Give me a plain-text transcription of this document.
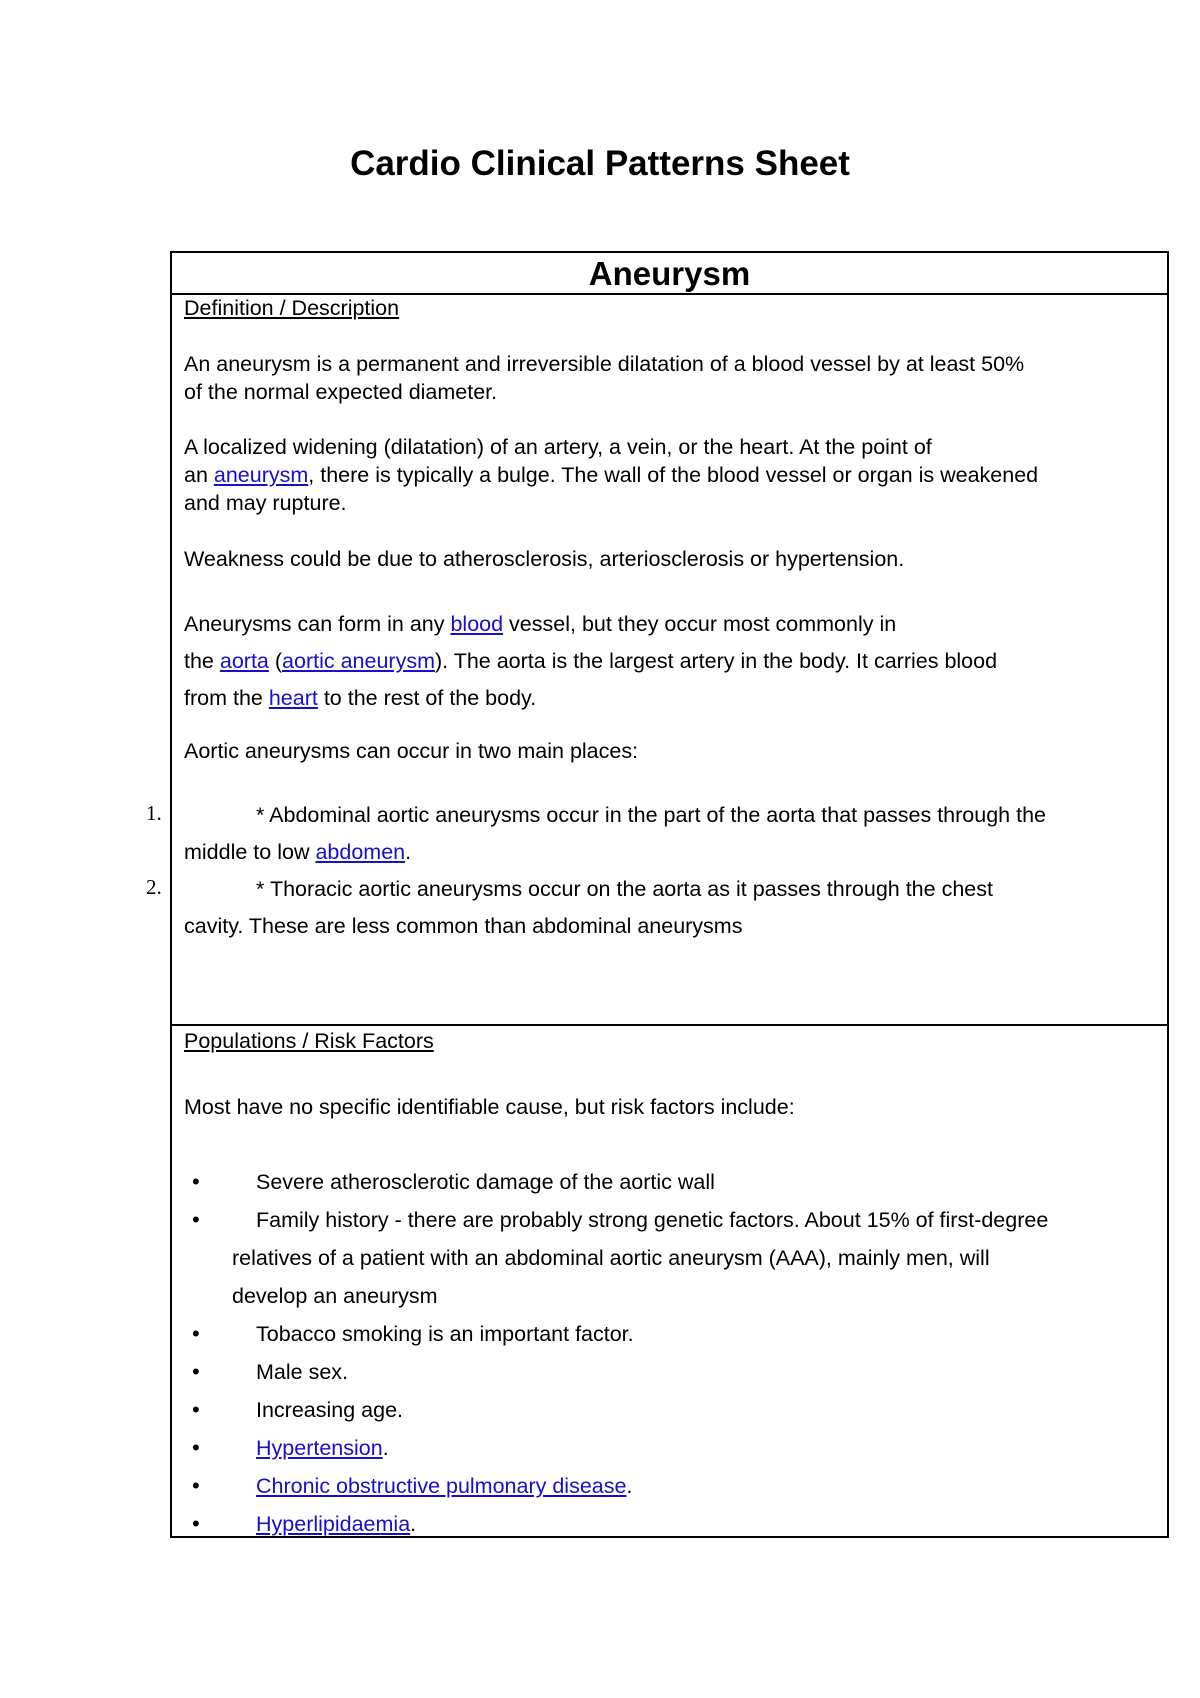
Cardio Clinical Patterns Sheet
1.
2.
Aneurysm
Definition / Description
An aneurysm is a permanent and irreversible dilatation of a blood vessel by at least 50%
of the normal expected diameter.
A localized widening (dilatation) of an artery, a vein, or the heart. At the point of
an aneurysm, there is typically a bulge. The wall of the blood vessel or organ is weakened
and may rupture.
Weakness could be due to atherosclerosis, arteriosclerosis or hypertension.
Aneurysms can form in any blood vessel, but they occur most commonly in
the aorta (aortic aneurysm). The aorta is the largest artery in the body. It carries blood
from the heart to the rest of the body.
Aortic aneurysms can occur in two main places:
* Abdominal aortic aneurysms occur in the part of the aorta that passes through the
middle to low abdomen.
* Thoracic aortic aneurysms occur on the aorta as it passes through the chest
cavity. These are less common than abdominal aneurysms
Populations / Risk Factors
Most have no specific identifiable cause, but risk factors include:
•	Severe atherosclerotic damage of the aortic wall
•	Family history - there are probably strong genetic factors. About 15% of first-degree
relatives of a patient with an abdominal aortic aneurysm (AAA), mainly men, will
develop an aneurysm
•	Tobacco smoking is an important factor.
•	Male sex.
•	Increasing age.
•	Hypertension.
•	Chronic obstructive pulmonary disease.
•	Hyperlipidaemia.
